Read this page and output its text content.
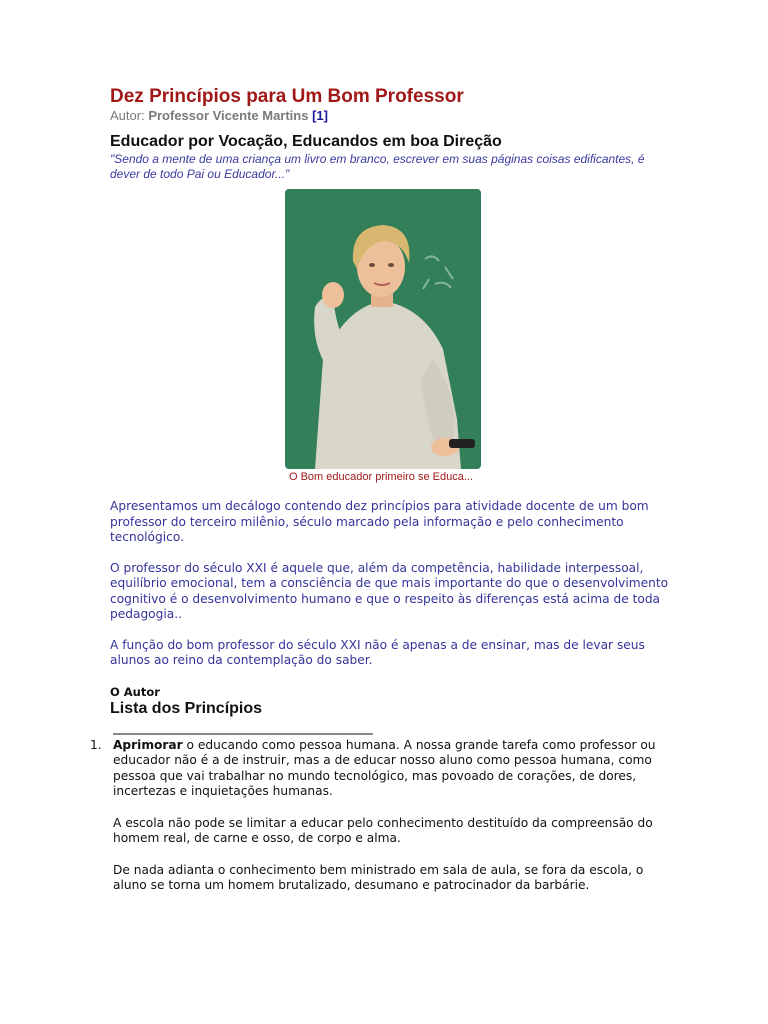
Dez Princípios para Um Bom Professor

Autor: Professor Vicente Martins [1]

Educador por Vocação, Educandos em boa Direção

"Sendo a mente de uma criança um livro em branco, escrever em suas páginas coisas edificantes, é dever de todo Pai ou Educador..."

O Bom educador primeiro se Educa...

Apresentamos um decálogo contendo dez princípios para atividade docente de um bom professor do terceiro milênio, século marcado pela informação e pelo conhecimento tecnológico.

O professor do século XXI é aquele que, além da competência, habilidade interpessoal, equilíbrio emocional, tem a consciência de que mais importante do que o desenvolvimento cognitivo é o desenvolvimento humano e que o respeito às diferenças está acima de toda pedagogia..

A função do bom professor do século XXI não é apenas a de ensinar, mas de levar seus alunos ao reino da contemplação do saber.

O Autor
Lista dos Princípios
1. Aprimorar o educando como pessoa humana. A nossa grande tarefa como professor ou educador não é a de instruir, mas a de educar nosso aluno como pessoa humana, como pessoa que vai trabalhar no mundo tecnológico, mas povoado de corações, de dores, incertezas e inquietações humanas.

A escola não pode se limitar a educar pelo conhecimento destituído da compreensão do homem real, de carne e osso, de corpo e alma.

De nada adianta o conhecimento bem ministrado em sala de aula, se fora da escola, o aluno se torna um homem brutalizado, desumano e patrocinador da barbárie.
